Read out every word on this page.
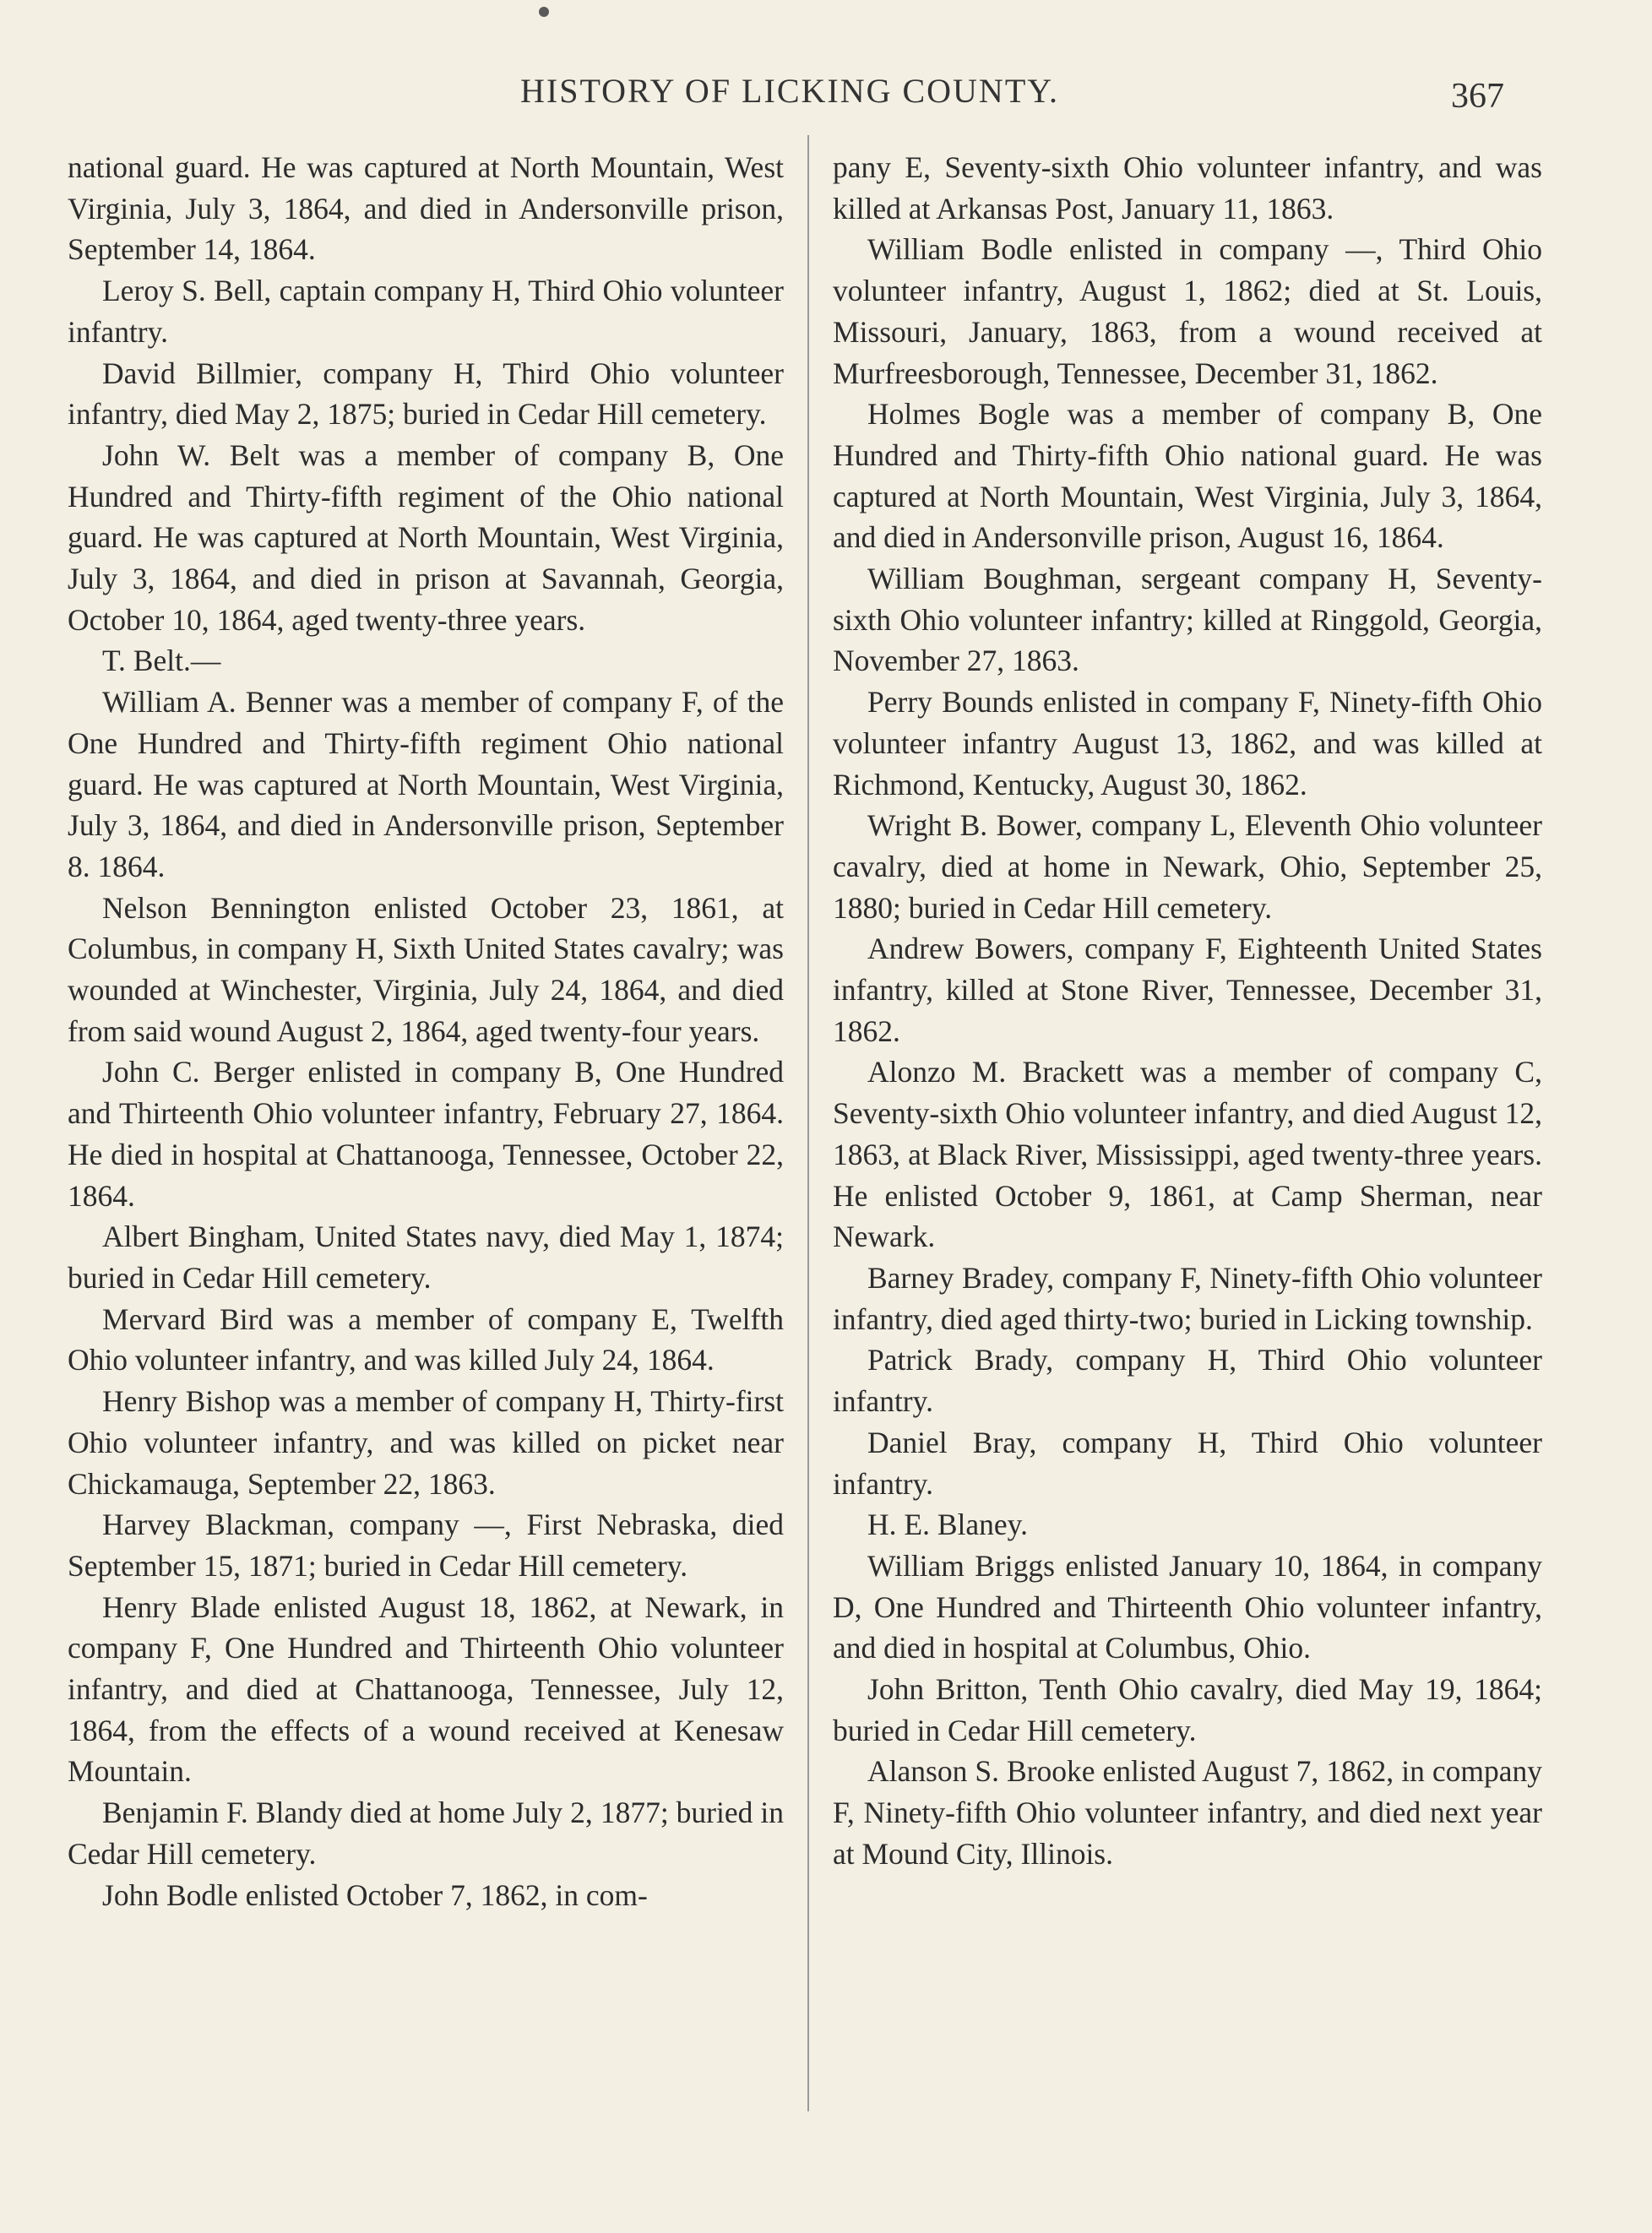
HISTORY OF LICKING COUNTY.	367

national guard. He was captured at North Mountain, West Virginia, July 3, 1864, and died in Andersonville prison, September 14, 1864.

Leroy S. Bell, captain company H, Third Ohio volunteer infantry.

David Billmier, company H, Third Ohio volunteer infantry, died May 2, 1875; buried in Cedar Hill cemetery.

John W. Belt was a member of company B, One Hundred and Thirty-fifth regiment of the Ohio national guard. He was captured at North Mountain, West Virginia, July 3, 1864, and died in prison at Savannah, Georgia, October 10, 1864, aged twenty-three years.

T. Belt.—

William A. Benner was a member of company F, of the One Hundred and Thirty-fifth regiment Ohio national guard. He was captured at North Mountain, West Virginia, July 3, 1864, and died in Andersonville prison, September 8. 1864.

Nelson Bennington enlisted October 23, 1861, at Columbus, in company H, Sixth United States cavalry; was wounded at Winchester, Virginia, July 24, 1864, and died from said wound August 2, 1864, aged twenty-four years.

John C. Berger enlisted in company B, One Hundred and Thirteenth Ohio volunteer infantry, February 27, 1864. He died in hospital at Chattanooga, Tennessee, October 22, 1864.

Albert Bingham, United States navy, died May 1, 1874; buried in Cedar Hill cemetery.

Mervard Bird was a member of company E, Twelfth Ohio volunteer infantry, and was killed July 24, 1864.

Henry Bishop was a member of company H, Thirty-first Ohio volunteer infantry, and was killed on picket near Chickamauga, September 22, 1863.

Harvey Blackman, company —, First Nebraska, died September 15, 1871; buried in Cedar Hill cemetery.

Henry Blade enlisted August 18, 1862, at Newark, in company F, One Hundred and Thirteenth Ohio volunteer infantry, and died at Chattanooga, Tennessee, July 12, 1864, from the effects of a wound received at Kenesaw Mountain.

Benjamin F. Blandy died at home July 2, 1877; buried in Cedar Hill cemetery.

John Bodle enlisted October 7, 1862, in com-

pany E, Seventy-sixth Ohio volunteer infantry, and was killed at Arkansas Post, January 11, 1863.

William Bodle enlisted in company —, Third Ohio volunteer infantry, August 1, 1862; died at St. Louis, Missouri, January, 1863, from a wound received at Murfreesborough, Tennessee, December 31, 1862.

Holmes Bogle was a member of company B, One Hundred and Thirty-fifth Ohio national guard. He was captured at North Mountain, West Virginia, July 3, 1864, and died in Andersonville prison, August 16, 1864.

William Boughman, sergeant company H, Seventy-sixth Ohio volunteer infantry; killed at Ringgold, Georgia, November 27, 1863.

Perry Bounds enlisted in company F, Ninety-fifth Ohio volunteer infantry August 13, 1862, and was killed at Richmond, Kentucky, August 30, 1862.

Wright B. Bower, company L, Eleventh Ohio volunteer cavalry, died at home in Newark, Ohio, September 25, 1880; buried in Cedar Hill cemetery.

Andrew Bowers, company F, Eighteenth United States infantry, killed at Stone River, Tennessee, December 31, 1862.

Alonzo M. Brackett was a member of company C, Seventy-sixth Ohio volunteer infantry, and died August 12, 1863, at Black River, Mississippi, aged twenty-three years. He enlisted October 9, 1861, at Camp Sherman, near Newark.

Barney Bradey, company F, Ninety-fifth Ohio volunteer infantry, died aged thirty-two; buried in Licking township.

Patrick Brady, company H, Third Ohio volunteer infantry.

Daniel Bray, company H, Third Ohio volunteer infantry.

H. E. Blaney.

William Briggs enlisted January 10, 1864, in company D, One Hundred and Thirteenth Ohio volunteer infantry, and died in hospital at Columbus, Ohio.

John Britton, Tenth Ohio cavalry, died May 19, 1864; buried in Cedar Hill cemetery.

Alanson S. Brooke enlisted August 7, 1862, in company F, Ninety-fifth Ohio volunteer infantry, and died next year at Mound City, Illinois.
